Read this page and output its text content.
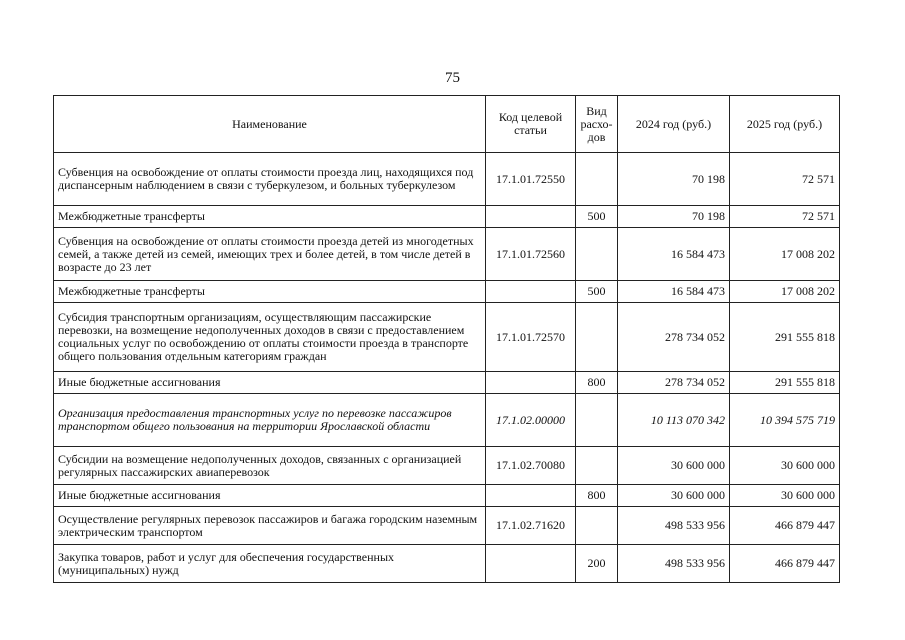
75
Наименование	Код целевой статьи	Вид расхо-дов	2024 год (руб.)	2025 год (руб.)
Субвенция на освобождение от оплаты стоимости проезда лиц, находящихся под диспансерным наблюдением в связи с туберкулезом, и больных туберкулезом	17.1.01.72550		70 198	72 571
Межбюджетные трансферты		500	70 198	72 571
Субвенция на освобождение от оплаты стоимости проезда детей из многодетных семей, а также детей из семей, имеющих трех и более детей, в том числе детей в возрасте до 23 лет	17.1.01.72560		16 584 473	17 008 202
Межбюджетные трансферты		500	16 584 473	17 008 202
Субсидия транспортным организациям, осуществляющим пассажирские перевозки, на возмещение недополученных доходов в связи с предоставлением социальных услуг по освобождению от оплаты стоимости проезда в транспорте общего пользования отдельным категориям граждан	17.1.01.72570		278 734 052	291 555 818
Иные бюджетные ассигнования		800	278 734 052	291 555 818
Организация предоставления транспортных услуг по перевозке пассажиров транспортом общего пользования на территории Ярославской области	17.1.02.00000		10 113 070 342	10 394 575 719
Субсидии на возмещение недополученных доходов, связанных с организацией регулярных пассажирских авиаперевозок	17.1.02.70080		30 600 000	30 600 000
Иные бюджетные ассигнования		800	30 600 000	30 600 000
Осуществление регулярных перевозок пассажиров и багажа городским наземным электрическим транспортом	17.1.02.71620		498 533 956	466 879 447
Закупка товаров, работ и услуг для обеспечения государственных (муниципальных) нужд		200	498 533 956	466 879 447
